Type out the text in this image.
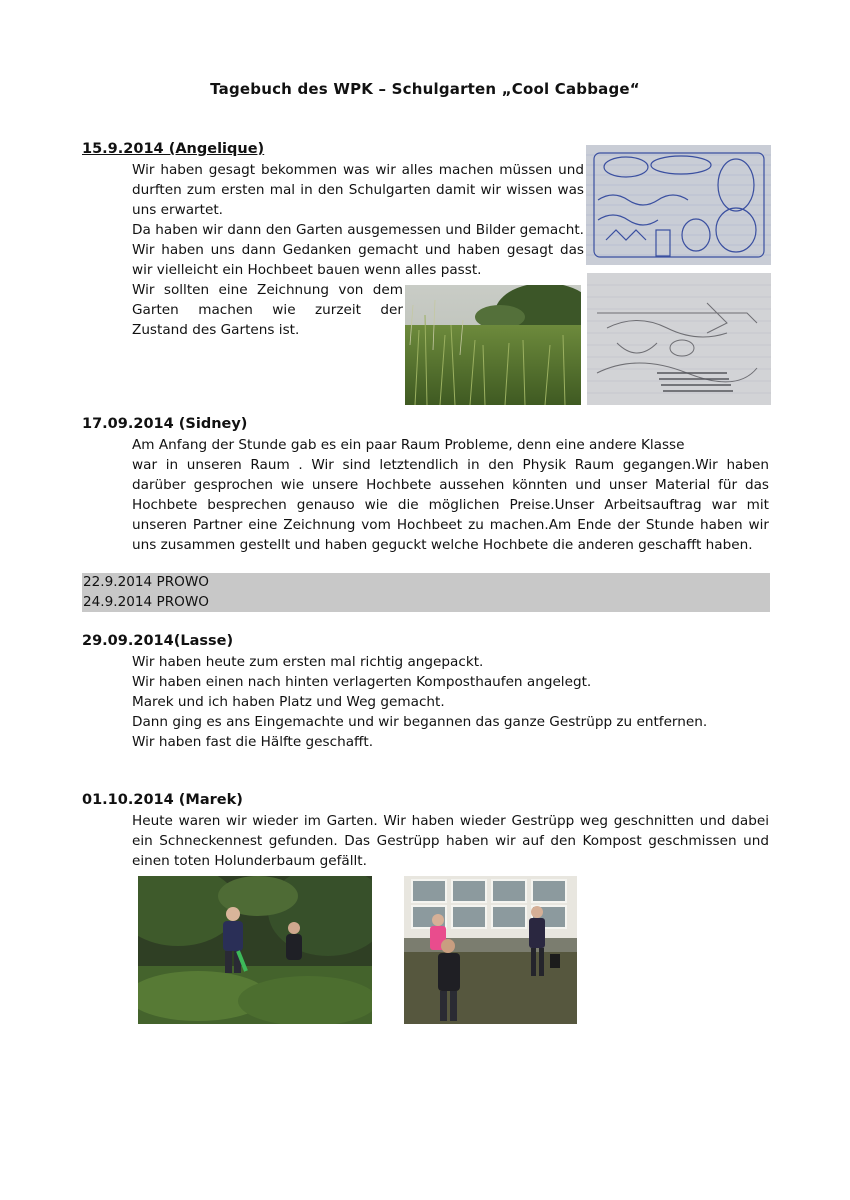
Tagebuch des WPK – Schulgarten „Cool Cabbage“
15.9.2014 (Angelique)
Wir haben gesagt bekommen was wir alles machen müssen und
durften zum ersten mal in den Schulgarten damit wir wissen was
uns erwartet.
Da haben wir dann den Garten ausgemessen und Bilder gemacht.
Wir haben uns dann Gedanken gemacht und haben gesagt das
wir vielleicht ein Hochbeet bauen wenn alles passt.
Wir sollten eine Zeichnung von dem
Garten machen wie zurzeit der
Zustand des Gartens ist.
17.09.2014 (Sidney)
Am Anfang der Stunde gab es ein paar Raum Probleme, denn eine andere Klasse
war in unseren Raum . Wir sind letztendlich in den Physik Raum gegangen.Wir haben
darüber gesprochen wie unsere Hochbete aussehen könnten und unser Material für das
Hochbete besprechen genauso wie die möglichen Preise.Unser Arbeitsauftrag war mit
unseren Partner eine Zeichnung vom Hochbeet zu machen.Am Ende der Stunde haben wir
uns zusammen gestellt und haben geguckt welche Hochbete die anderen geschafft haben.
22.9.2014 PROWO
24.9.2014 PROWO
29.09.2014(Lasse)
Wir haben heute zum ersten mal richtig angepackt.
Wir haben einen nach hinten verlagerten Komposthaufen angelegt.
Marek und ich haben Platz und Weg gemacht.
Dann ging es ans Eingemachte und wir begannen das ganze Gestrüpp zu entfernen.
Wir haben fast die Hälfte geschafft.
01.10.2014 (Marek)
Heute waren wir wieder im Garten. Wir haben wieder Gestrüpp weg geschnitten und dabei
ein Schneckennest gefunden. Das Gestrüpp haben wir auf den Kompost geschmissen und
einen toten Holunderbaum gefällt.
